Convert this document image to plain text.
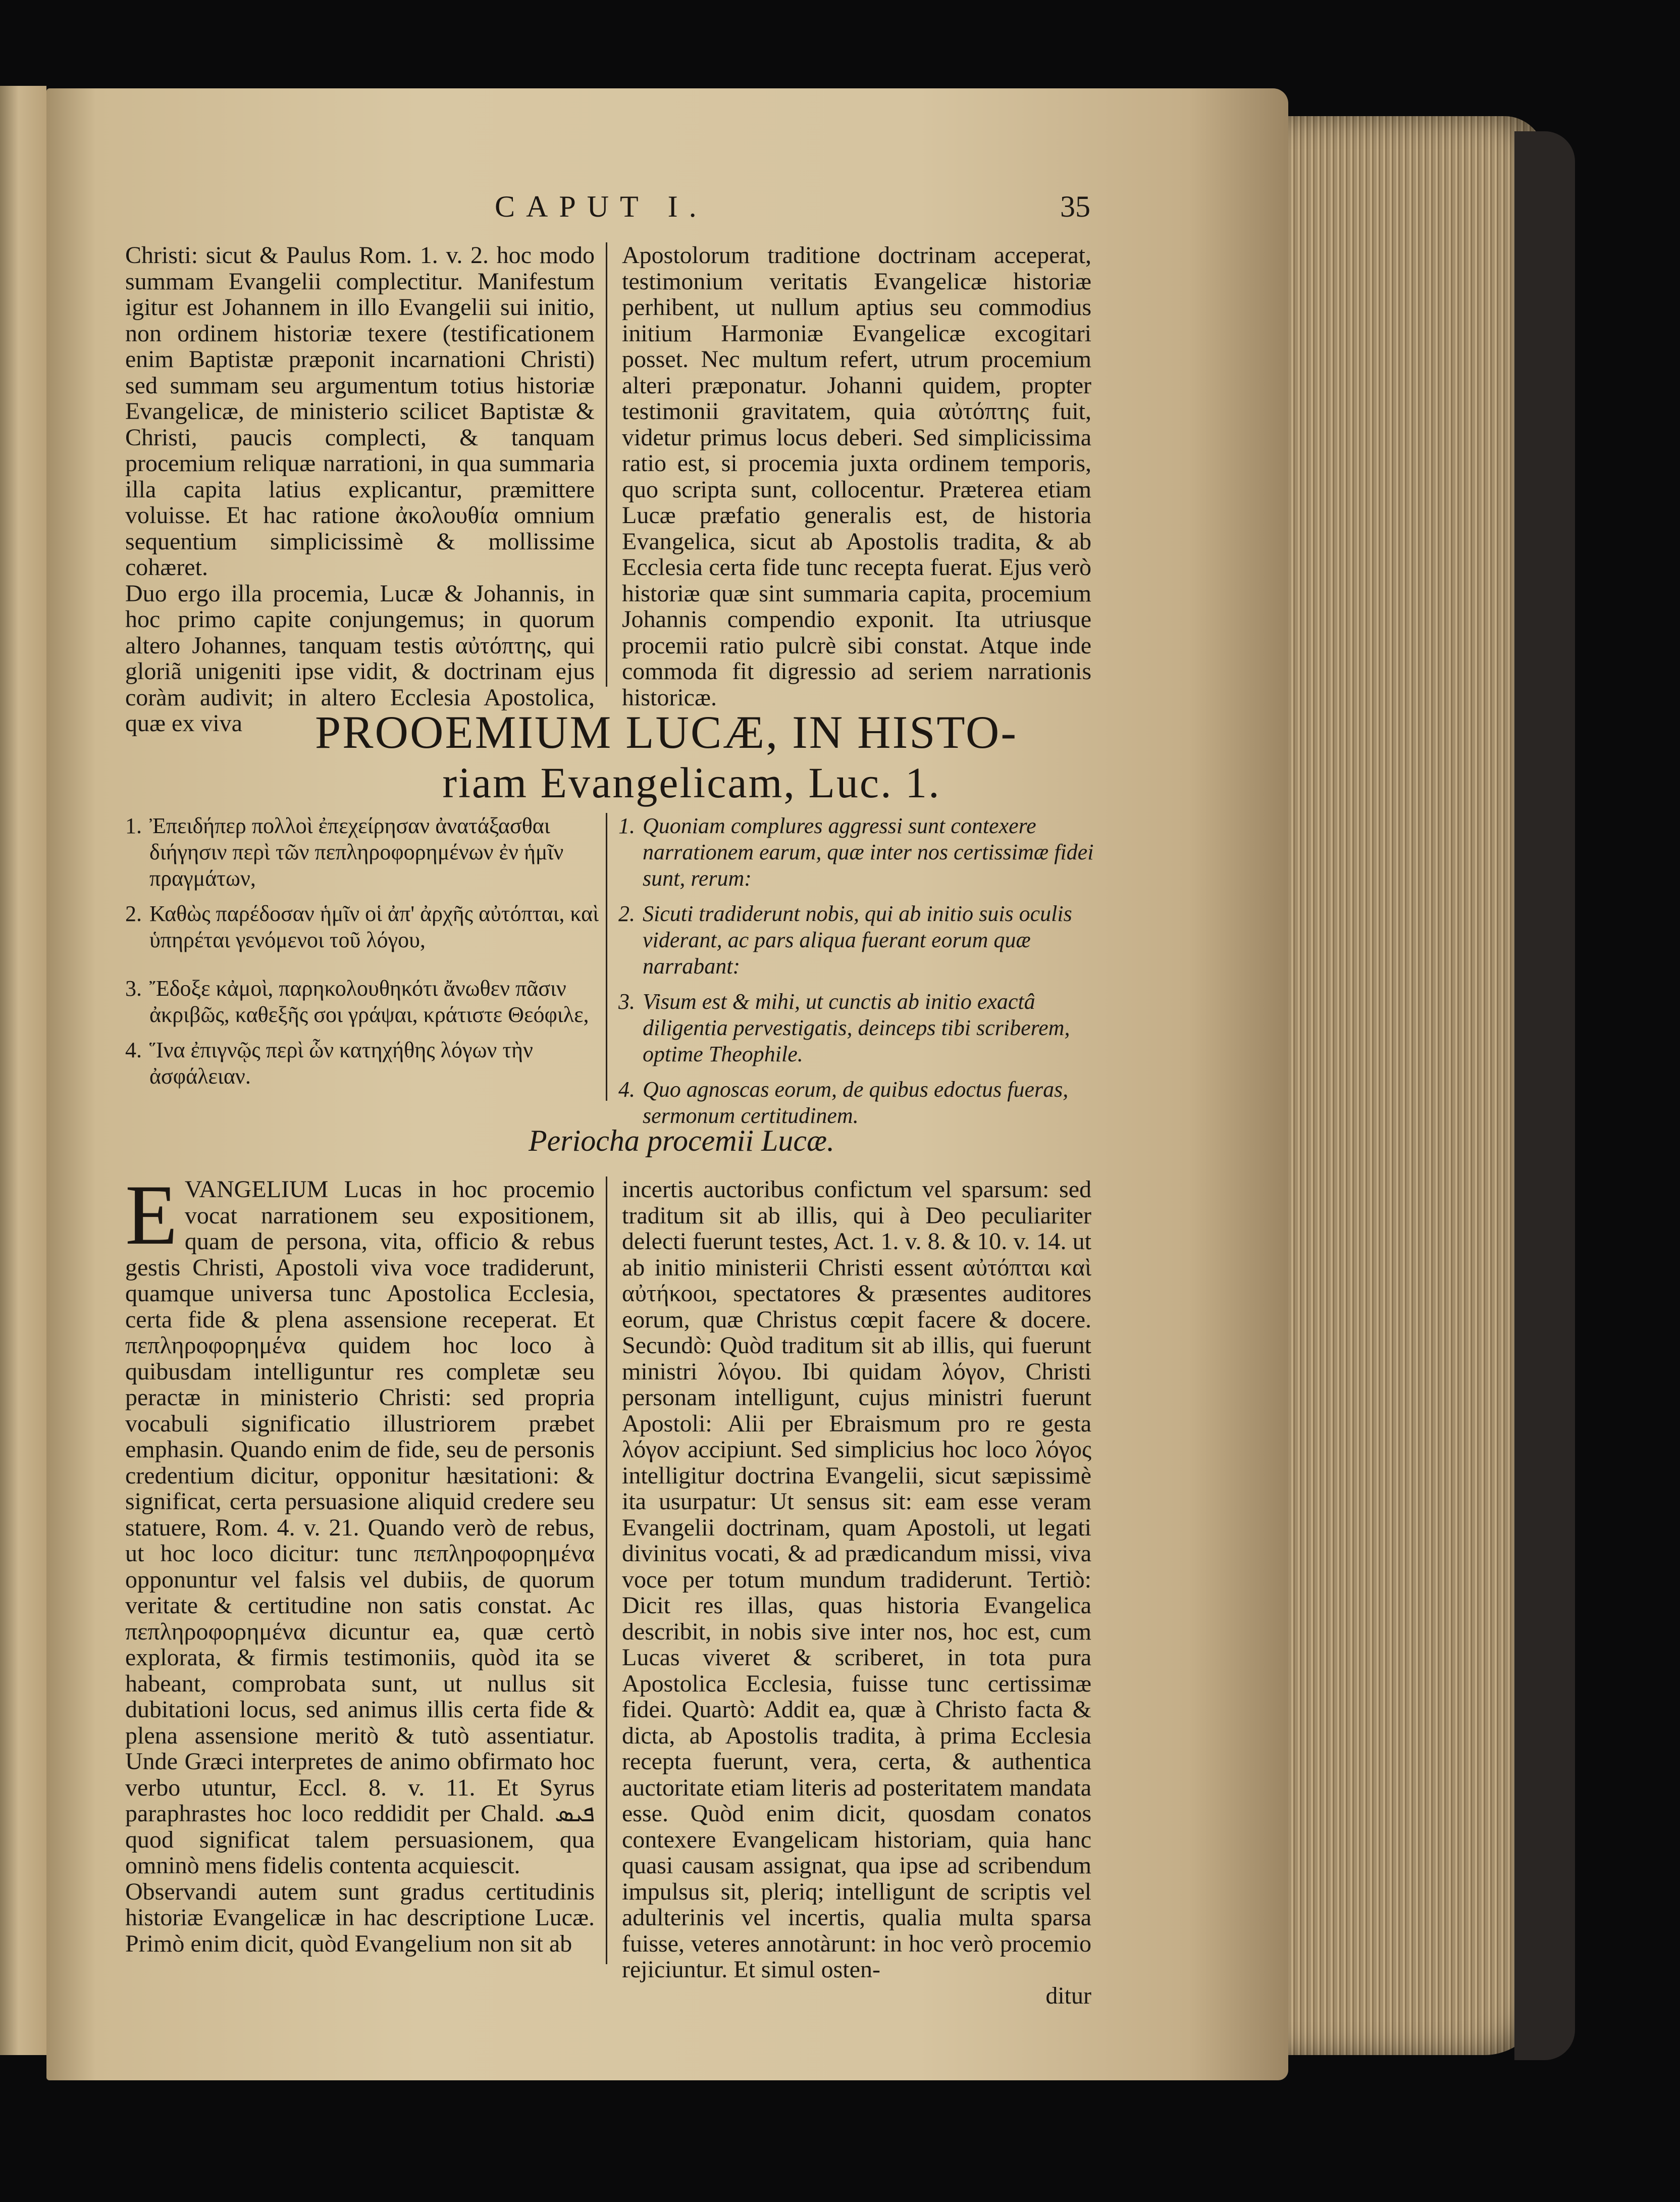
CAPUT I.	35

Christi: sicut & Paulus Rom. 1. v. 2. hoc modo summam Evangelii complectitur. Manifestum igitur est Johannem in illo Evangelii sui initio, non ordinem historiæ texere (testificationem enim Baptistæ præponit incarnationi Christi) sed summam seu argumentum totius historiæ Evangelicæ, de ministerio scilicet Baptistæ & Christi, paucis complecti, & tanquam procemium reliquæ narrationi, in qua summaria illa capita latius explicantur, præmittere voluisse. Et hac ratione ἀκολουθία omnium sequentium simplicissimè & mollissime cohæret.

Duo ergo illa procemia, Lucæ & Johannis, in hoc primo capite conjungemus; in quorum altero Johannes, tanquam testis αὐτόπτης, qui gloriã unigeniti ipse vidit, & doctrinam ejus coràm audivit; in altero Ecclesia Apostolica, quæ ex viva

Apostolorum traditione doctrinam acceperat, testimonium veritatis Evangelicæ historiæ perhibent, ut nullum aptius seu commodius initium Harmoniæ Evangelicæ excogitari posset. Nec multum refert, utrum procemium alteri præponatur. Johanni quidem, propter testimonii gravitatem, quia αὐτόπτης fuit, videtur primus locus deberi. Sed simplicissima ratio est, si procemia juxta ordinem temporis, quo scripta sunt, collocentur. Præterea etiam Lucæ præfatio generalis est, de historia Evangelica, sicut ab Apostolis tradita, & ab Ecclesia certa fide tunc recepta fuerat. Ejus verò historiæ quæ sint summaria capita, procemium Johannis compendio exponit. Ita utriusque procemii ratio pulcrè sibi constat. Atque inde commoda fit digressio ad seriem narrationis historicæ.

PROOEMIUM LUCÆ, IN HISTO-
riam Evangelicam, Luc. 1.
1. Ἐπειδήπερ πολλοὶ ἐπεχείρησαν ἀνατάξασθαι διήγησιν περὶ τῶν πεπληροφορημένων ἐν ἡμῖν πραγμάτων,
2. Καθὼς παρέδοσαν ἡμῖν οἱ ἀπ' ἀρχῆς αὐτόπται, καὶ ὑπηρέται γενόμενοι τοῦ λόγου,
3. Ἔδοξε κἀμοὶ, παρηκολουθηκότι ἄνωθεν πᾶσιν ἀκριβῶς, καθεξῆς σοι γράψαι, κράτιστε Θεόφιλε,
4. Ἵνα ἐπιγνῷς περὶ ὧν κατηχήθης λόγων τὴν ἀσφάλειαν.
1. Quoniam complures aggressi sunt contexere narrationem earum, quæ inter nos certissimæ fidei sunt, rerum:
2. Sicuti tradiderunt nobis, qui ab initio suis oculis viderant, ac pars aliqua fuerant eorum quæ narrabant:
3. Visum est & mihi, ut cunctis ab initio exactâ diligentia pervestigatis, deinceps tibi scriberem, optime Theophile.
4. Quo agnoscas eorum, de quibus edoctus fueras, sermonum certitudinem.
Periocha procemii Lucæ.

EVANGELIUM Lucas in hoc procemio vocat narrationem seu expositionem, quam de persona, vita, officio & rebus gestis Christi, Apostoli viva voce tradiderunt, quamque universa tunc Apostolica Ecclesia, certa fide & plena assensione receperat. Et πεπληροφορημένα quidem hoc loco à quibusdam intelliguntur res completæ seu peractæ in ministerio Christi: sed propria vocabuli significatio illustriorem præbet emphasin. Quando enim de fide, seu de personis credentium dicitur, opponitur hæsitationi: & significat, certa persuasione aliquid credere seu statuere, Rom. 4. v. 21. Quando verò de rebus, ut hoc loco dicitur: tunc πεπληροφορημένα opponuntur vel falsis vel dubiis, de quorum veritate & certitudine non satis constat. Ac πεπληροφορημένα dicuntur ea, quæ certò explorata, & firmis testimoniis, quòd ita se habeant, comprobata sunt, ut nullus sit dubitationi locus, sed animus illis certa fide & plena assensione meritò & tutò assentiatur. Unde Græci interpretes de animo obfirmato hoc verbo utuntur, Eccl. 8. v. 11. Et Syrus paraphrastes hoc loco reddidit per Chald. ܦܝܣ quod significat talem persuasionem, qua omninò mens fidelis contenta acquiescit.

Observandi autem sunt gradus certitudinis historiæ Evangelicæ in hac descriptione Lucæ. Primò enim dicit, quòd Evangelium non sit ab

incertis auctoribus confictum vel sparsum: sed traditum sit ab illis, qui à Deo peculiariter delecti fuerunt testes, Act. 1. v. 8. & 10. v. 14. ut ab initio ministerii Christi essent αὐτόπται καὶ αὐτήκοοι, spectatores & præsentes auditores eorum, quæ Christus cœpit facere & docere. Secundò: Quòd traditum sit ab illis, qui fuerunt ministri λόγου. Ibi quidam λόγον, Christi personam intelligunt, cujus ministri fuerunt Apostoli: Alii per Ebraismum pro re gesta λόγον accipiunt. Sed simplicius hoc loco λόγος intelligitur doctrina Evangelii, sicut sæpissimè ita usurpatur: Ut sensus sit: eam esse veram Evangelii doctrinam, quam Apostoli, ut legati divinitus vocati, & ad prædicandum missi, viva voce per totum mundum tradiderunt. Tertiò: Dicit res illas, quas historia Evangelica describit, in nobis sive inter nos, hoc est, cum Lucas viveret & scriberet, in tota pura Apostolica Ecclesia, fuisse tunc certissimæ fidei. Quartò: Addit ea, quæ à Christo facta & dicta, ab Apostolis tradita, à prima Ecclesia recepta fuerunt, vera, certa, & authentica auctoritate etiam literis ad posteritatem mandata esse. Quòd enim dicit, quosdam conatos contexere Evangelicam historiam, quia hanc quasi causam assignat, qua ipse ad scribendum impulsus sit, pleriq; intelligunt de scriptis vel adulterinis vel incertis, qualia multa sparsa fuisse, veteres annotàrunt: in hoc verò procemio rejiciuntur. Et simul osten-

ditur
